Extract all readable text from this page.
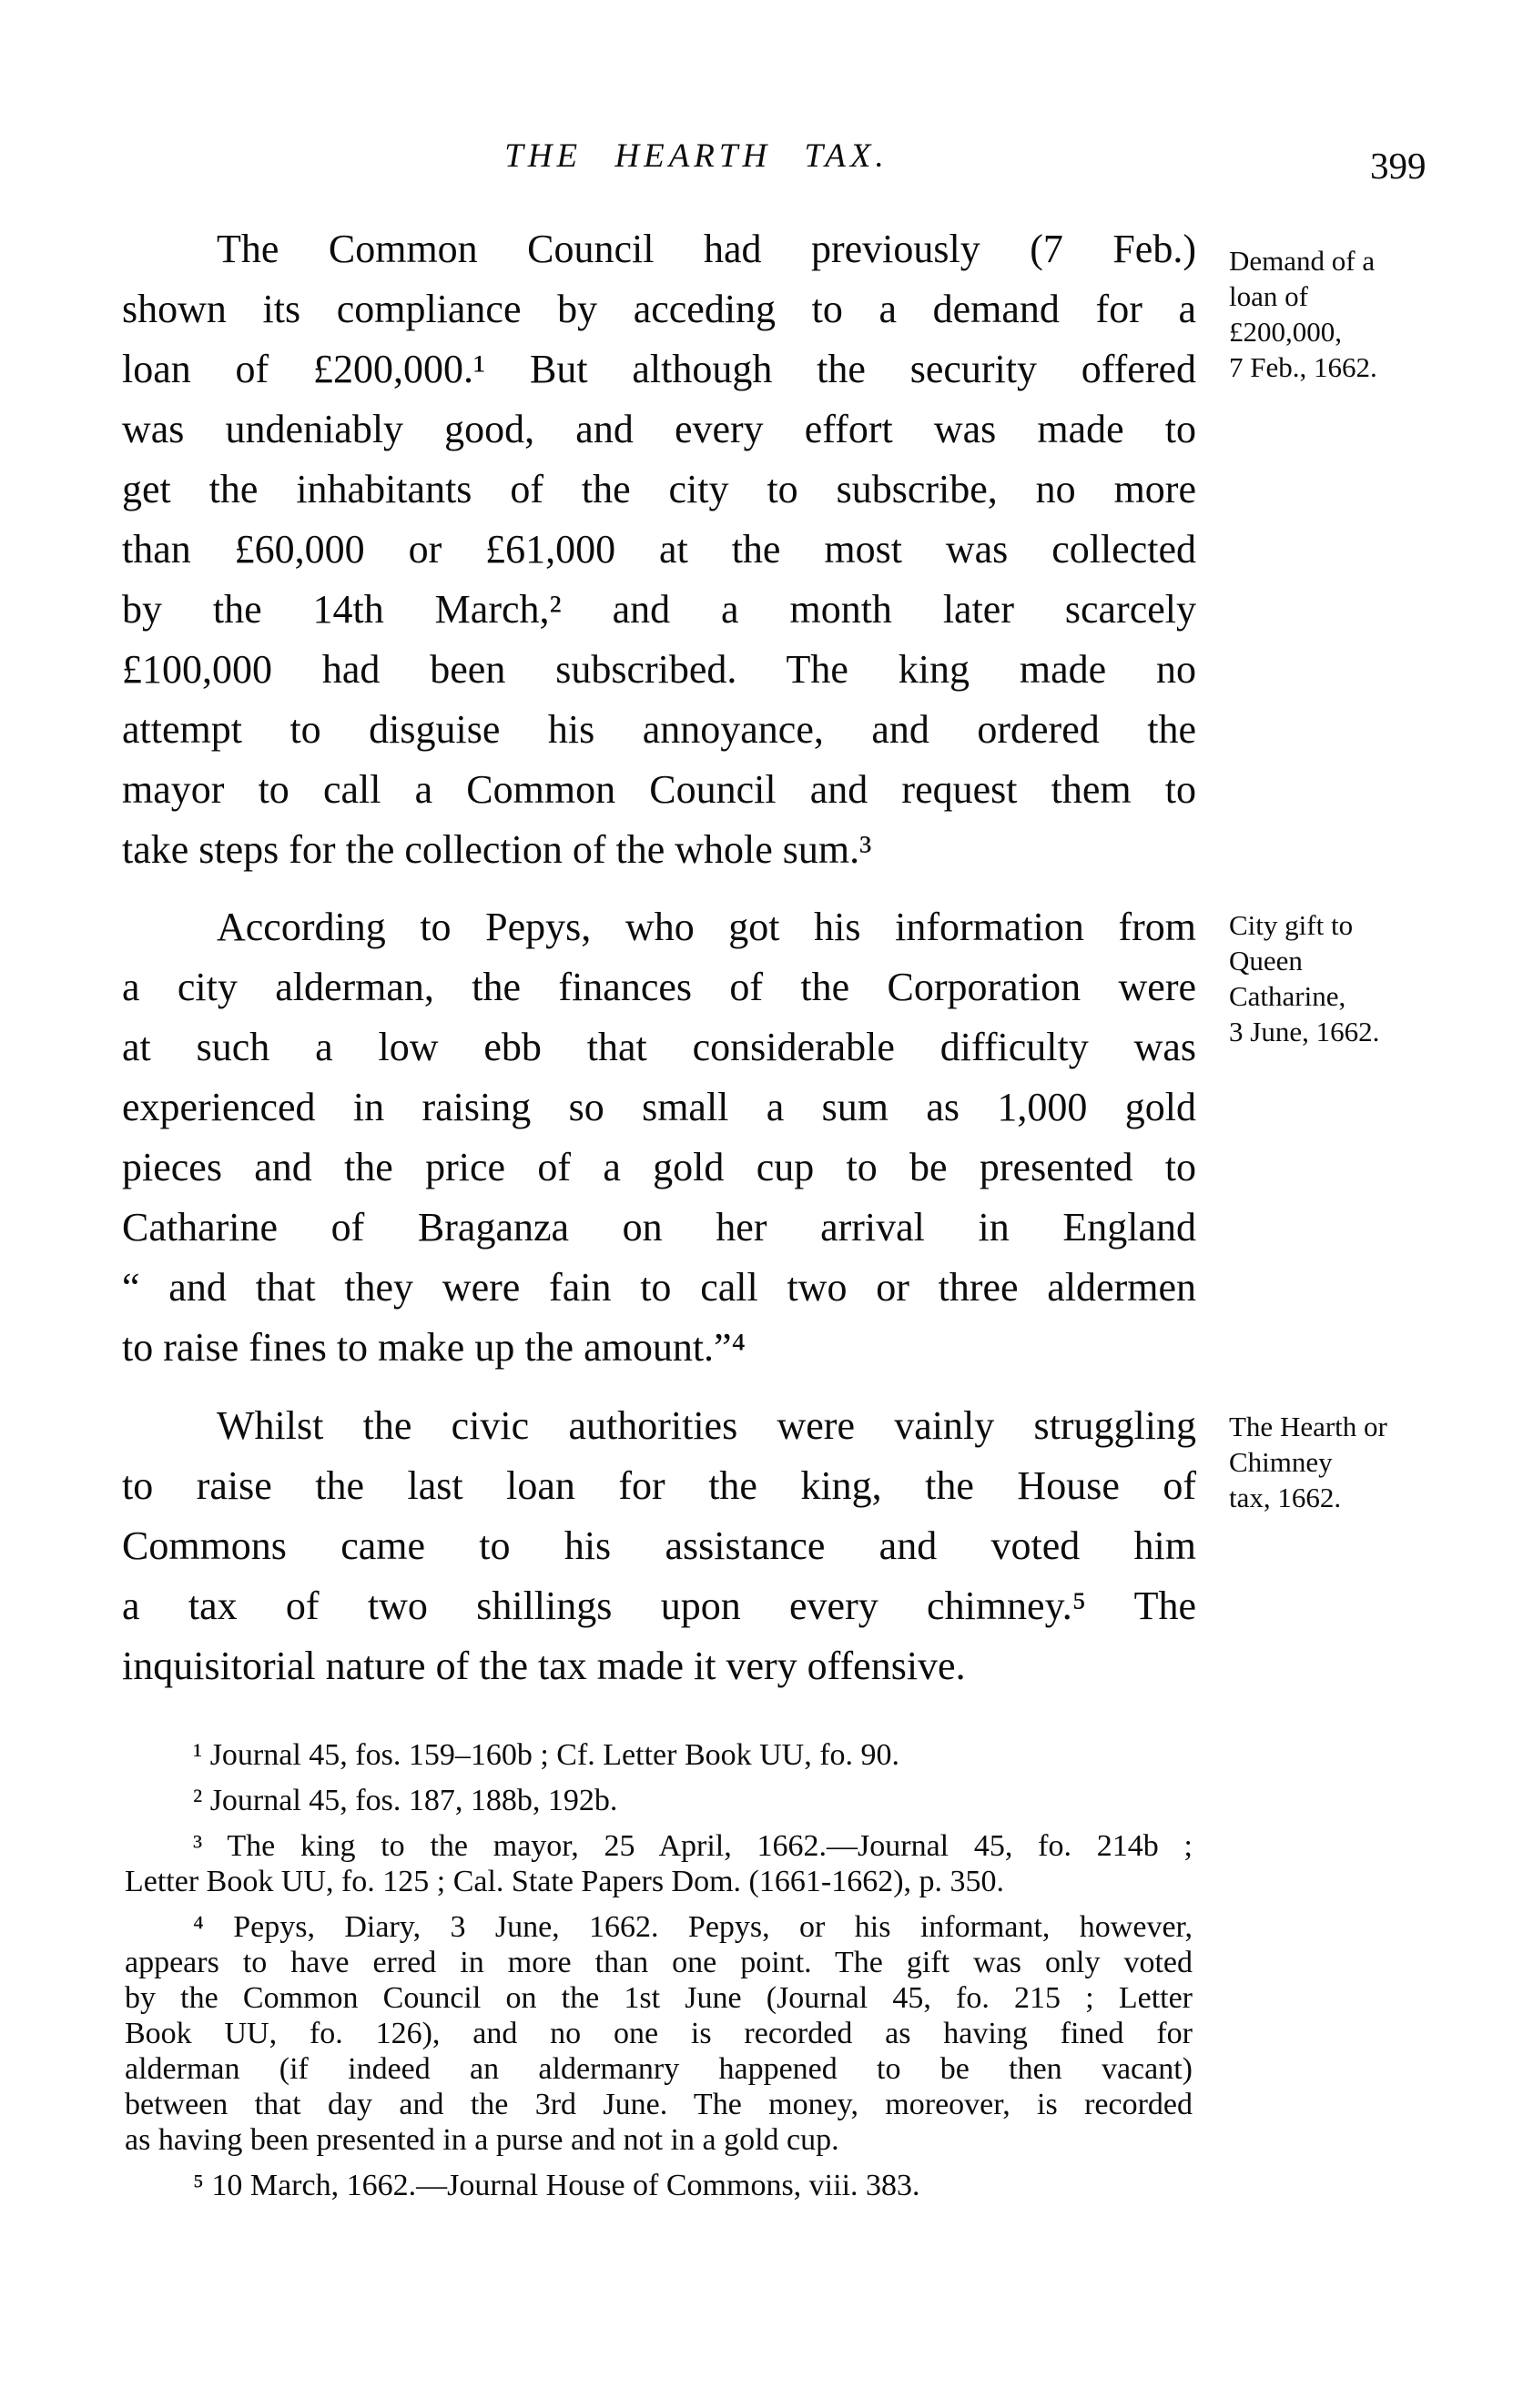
THE HEARTH TAX.	399
The Common Council had previously (7 Feb.)
shown its compliance by acceding to a demand for a
loan of £200,000.¹ But although the security offered
was undeniably good, and every effort was made to
get the inhabitants of the city to subscribe, no more
than £60,000 or £61,000 at the most was collected
by the 14th March,² and a month later scarcely
£100,000 had been subscribed. The king made no
attempt to disguise his annoyance, and ordered the
mayor to call a Common Council and request them to
take steps for the collection of the whole sum.³
Demand of a
loan of
£200,000,
7 Feb., 1662.
According to Pepys, who got his information from
a city alderman, the finances of the Corporation were
at such a low ebb that considerable difficulty was
experienced in raising so small a sum as 1,000 gold
pieces and the price of a gold cup to be presented to
Catharine of Braganza on her arrival in England
“ and that they were fain to call two or three aldermen
to raise fines to make up the amount.”⁴
City gift to
Queen
Catharine,
3 June, 1662.
Whilst the civic authorities were vainly struggling
to raise the last loan for the king, the House of
Commons came to his assistance and voted him
a tax of two shillings upon every chimney.⁵ The
inquisitorial nature of the tax made it very offensive.
The Hearth or
Chimney
tax, 1662.
¹ Journal 45, fos. 159–160b ; Cf. Letter Book UU, fo. 90.
² Journal 45, fos. 187, 188b, 192b.
³ The king to the mayor, 25 April, 1662.—Journal 45, fo. 214b ;
Letter Book UU, fo. 125 ; Cal. State Papers Dom. (1661-1662), p. 350.
⁴ Pepys, Diary, 3 June, 1662. Pepys, or his informant, however,
appears to have erred in more than one point. The gift was only voted
by the Common Council on the 1st June (Journal 45, fo. 215 ; Letter
Book UU, fo. 126), and no one is recorded as having fined for
alderman (if indeed an aldermanry happened to be then vacant)
between that day and the 3rd June. The money, moreover, is recorded
as having been presented in a purse and not in a gold cup.
⁵ 10 March, 1662.—Journal House of Commons, viii. 383.
